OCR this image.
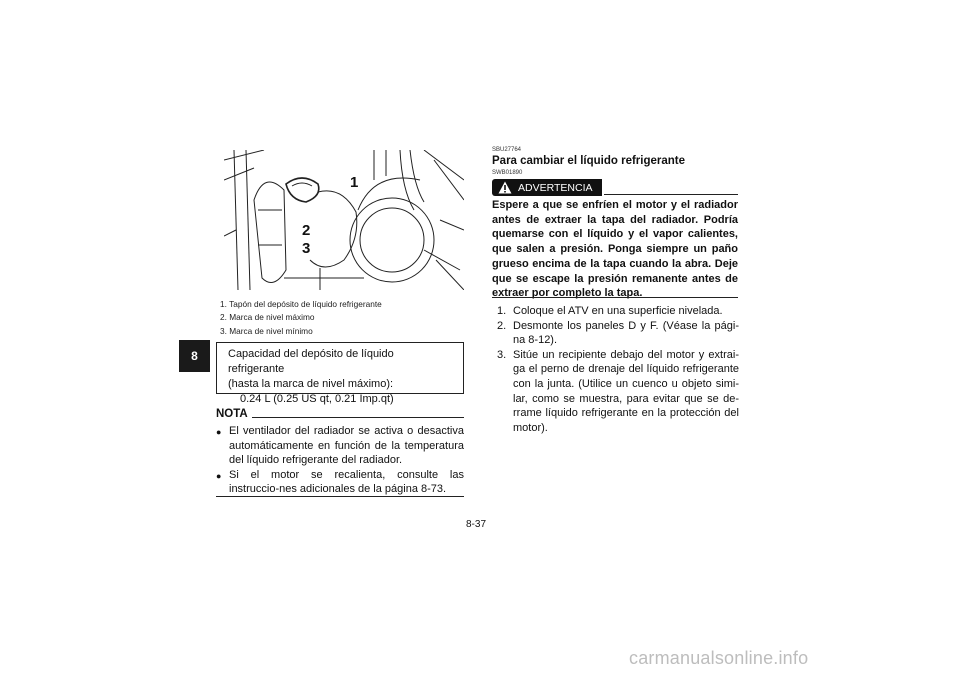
8
1
2
3
1. Tapón del depósito de líquido refrigerante
2. Marca de nivel máximo
3. Marca de nivel mínimo
Capacidad del depósito de líquido refrigerante
(hasta la marca de nivel máximo):
0.24 L (0.25 US qt, 0.21 Imp.qt)
NOTA
● El ventilador del radiador se activa o desactiva automáticamente en función de la temperatura del líquido refrigerante del radiador.
● Si el motor se recalienta, consulte las instruccio-nes adicionales de la página 8-73.
SBU27764
Para cambiar el líquido refrigerante
SWB01890
ADVERTENCIA
Espere a que se enfríen el motor y el radiador antes de extraer la tapa del radiador. Podría quemarse con el líquido y el vapor calientes, que salen a presión. Ponga siempre un paño grueso encima de la tapa cuando la abra. Deje que se escape la presión remanente antes de extraer por completo la tapa.
1. Coloque el ATV en una superficie nivelada.
2. Desmonte los paneles D y F. (Véase la pági-na 8-12).
3. Sitúe un recipiente debajo del motor y extrai-ga el perno de drenaje del líquido refrigerante con la junta. (Utilice un cuenco u objeto simi-lar, como se muestra, para evitar que se de-rrame líquido refrigerante en la protección del motor).
8-37
carmanualsonline.info
